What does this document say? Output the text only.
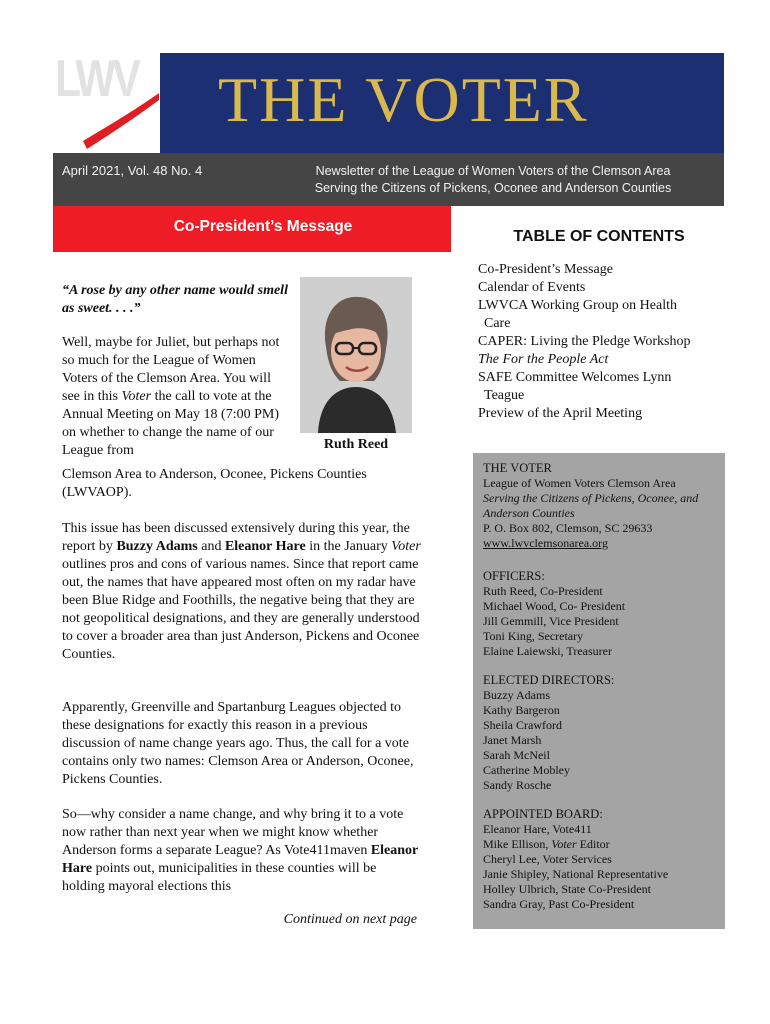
LWV THE VOTER
April 2021, Vol. 48 No. 4	Newsletter of the League of Women Voters of the Clemson Area
Serving the Citizens of Pickens, Oconee and Anderson Counties
Co-President’s Message
“A rose by any other name would smell as sweet. . . .”
Well, maybe for Juliet, but perhaps not so much for the League of Women Voters of the Clemson Area. You will see in this Voter the call to vote at the Annual Meeting on May 18 (7:00 PM) on whether to change the name of our League from	Ruth Reed
Clemson Area to Anderson, Oconee, Pickens Counties (LWVAOP).
This issue has been discussed extensively during this year, the report by Buzzy Adams and Eleanor Hare in the January Voter outlines pros and cons of various names. Since that report came out, the names that have appeared most often on my radar have been Blue Ridge and Foothills, the negative being that they are not geopolitical designations, and they are generally understood to cover a broader area than just Anderson, Pickens and Oconee Counties.
Apparently, Greenville and Spartanburg Leagues objected to these designations for exactly this reason in a previous discussion of name change years ago. Thus, the call for a vote contains only two names: Clemson Area or Anderson, Oconee, Pickens Counties.
So—why consider a name change, and why bring it to a vote now rather than next year when we might know whether Anderson forms a separate League? As Vote411maven Eleanor Hare points out, municipalities in these counties will be holding mayoral elections this
Continued on next page
TABLE OF CONTENTS
Co-President’s Message
Calendar of Events
LWVCA Working Group on Health
Care
CAPER: Living the Pledge Workshop
The For the People Act
SAFE Committee Welcomes Lynn
Teague
Preview of the April Meeting
THE VOTER
League of Women Voters Clemson Area
Serving the Citizens of Pickens, Oconee, and
Anderson Counties
P. O. Box 802, Clemson, SC 29633
www.lwvclemsonarea.org
OFFICERS:
Ruth Reed, Co-President
Michael Wood, Co- President
Jill Gemmill, Vice President
Toni King, Secretary
Elaine Laiewski, Treasurer
ELECTED DIRECTORS:
Buzzy Adams
Kathy Bargeron
Sheila Crawford
Janet Marsh
Sarah McNeil
Catherine Mobley
Sandy Rosche
APPOINTED BOARD:
Eleanor Hare, Vote411
Mike Ellison, Voter Editor
Cheryl Lee, Voter Services
Janie Shipley, National Representative
Holley Ulbrich, State Co-President
Sandra Gray, Past Co-President
